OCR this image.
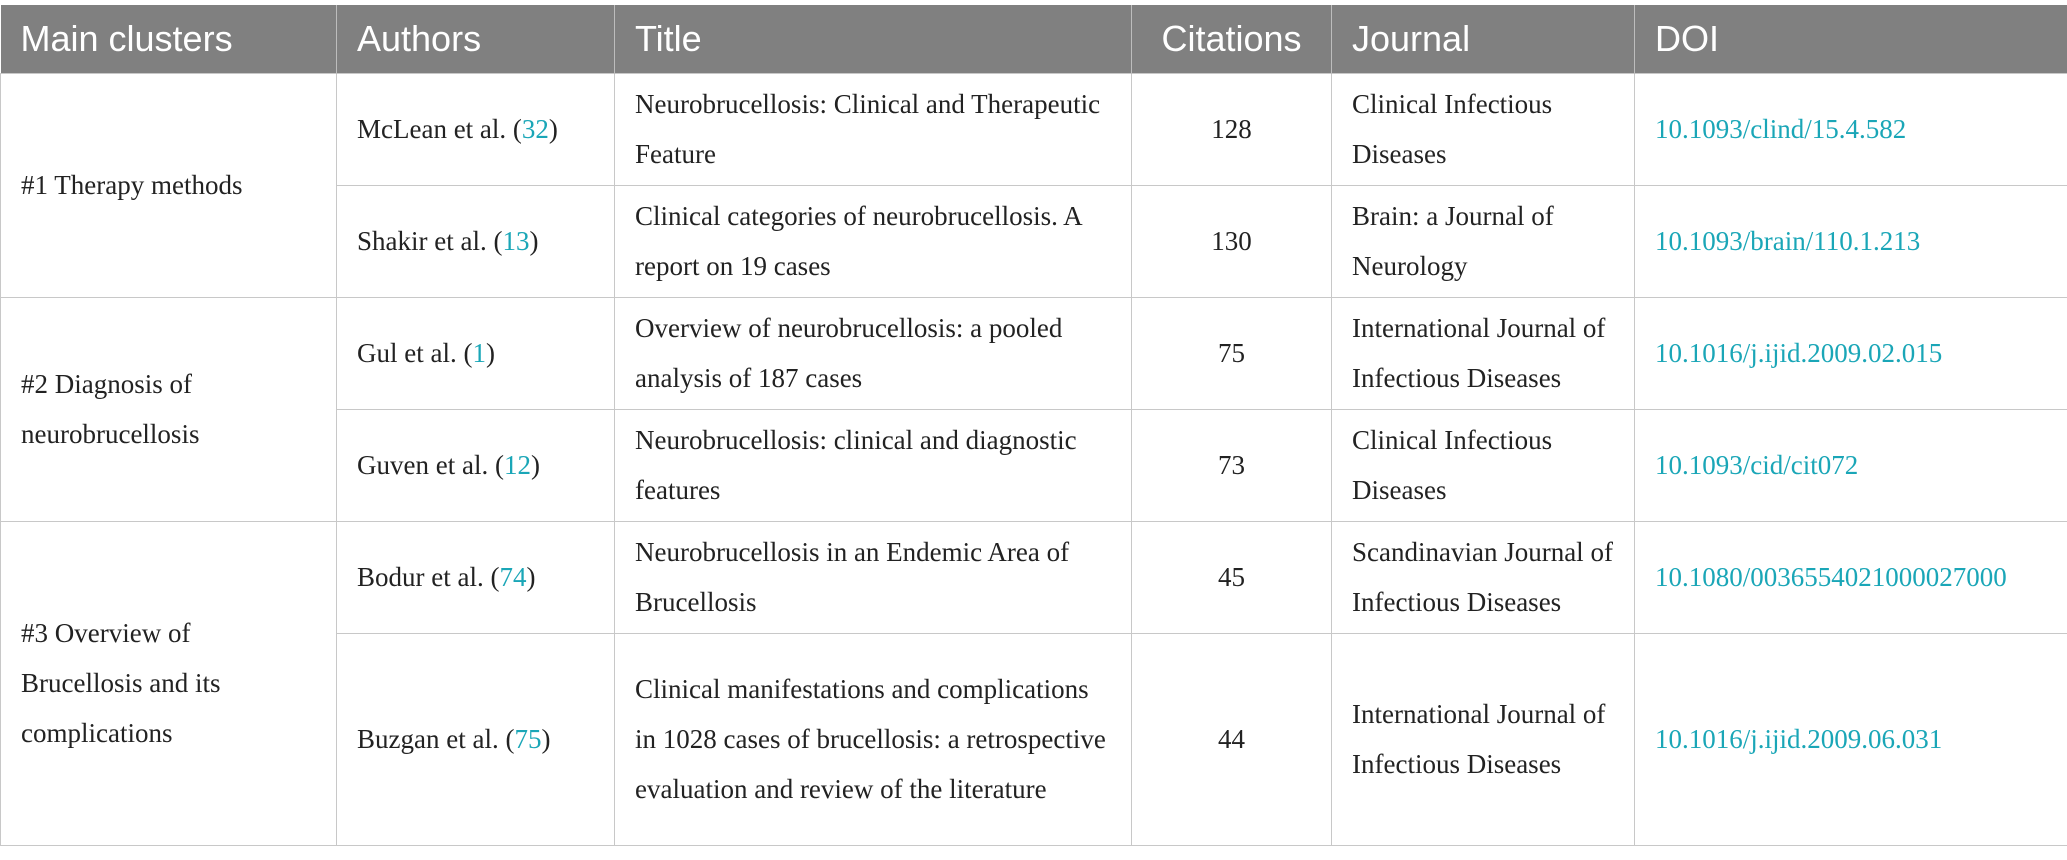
Main clusters	Authors	Title	Citations	Journal	DOI
#1 Therapy methods	McLean et al. (32)	Neurobrucellosis: Clinical and Therapeutic Feature	128	Clinical Infectious Diseases	10.1093/clind/15.4.582
	Shakir et al. (13)	Clinical categories of neurobrucellosis. A report on 19 cases	130	Brain: a Journal of Neurology	10.1093/brain/110.1.213
#2 Diagnosis of neurobrucellosis	Gul et al. (1)	Overview of neurobrucellosis: a pooled analysis of 187 cases	75	International Journal of Infectious Diseases	10.1016/j.ijid.2009.02.015
	Guven et al. (12)	Neurobrucellosis: clinical and diagnostic features	73	Clinical Infectious Diseases	10.1093/cid/cit072
#3 Overview of Brucellosis and its complications	Bodur et al. (74)	Neurobrucellosis in an Endemic Area of Brucellosis	45	Scandinavian Journal of Infectious Diseases	10.1080/0036554021000027000
	Buzgan et al. (75)	Clinical manifestations and complications in 1028 cases of brucellosis: a retrospective evaluation and review of the literature	44	International Journal of Infectious Diseases	10.1016/j.ijid.2009.06.031
